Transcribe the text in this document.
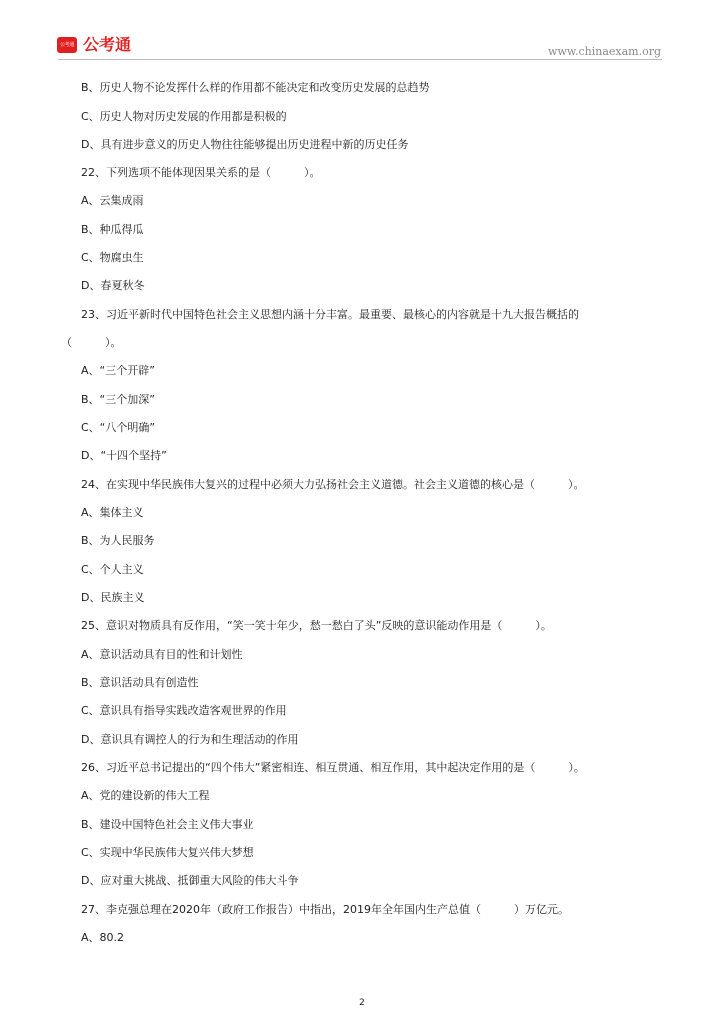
公考通 公考通	www.chinaexam.org
B、历史人物不论发挥什么样的作用都不能决定和改变历史发展的总趋势
C、历史人物对历史发展的作用都是积极的
D、具有进步意义的历史人物往往能够提出历史进程中新的历史任务
22、下列选项不能体现因果关系的是（　　　）。
A、云集成雨
B、种瓜得瓜
C、物腐虫生
D、春夏秋冬
23、习近平新时代中国特色社会主义思想内涵十分丰富。最重要、最核心的内容就是十九大报告概括的
（　　　）。
A、“三个开辟”
B、“三个加深”
C、“八个明确”
D、“十四个坚持”
24、在实现中华民族伟大复兴的过程中必须大力弘扬社会主义道德。社会主义道德的核心是（　　　）。
A、集体主义
B、为人民服务
C、个人主义
D、民族主义
25、意识对物质具有反作用，“笑一笑十年少，愁一愁白了头”反映的意识能动作用是（　　　）。
A、意识活动具有目的性和计划性
B、意识活动具有创造性
C、意识具有指导实践改造客观世界的作用
D、意识具有调控人的行为和生理活动的作用
26、习近平总书记提出的“四个伟大”紧密相连、相互贯通、相互作用，其中起决定作用的是（　　　）。
A、党的建设新的伟大工程
B、建设中国特色社会主义伟大事业
C、实现中华民族伟大复兴伟大梦想
D、应对重大挑战、抵御重大风险的伟大斗争
27、李克强总理在2020年（政府工作报告）中指出，2019年全年国内生产总值（　　　）万亿元。
A、80.2
2
